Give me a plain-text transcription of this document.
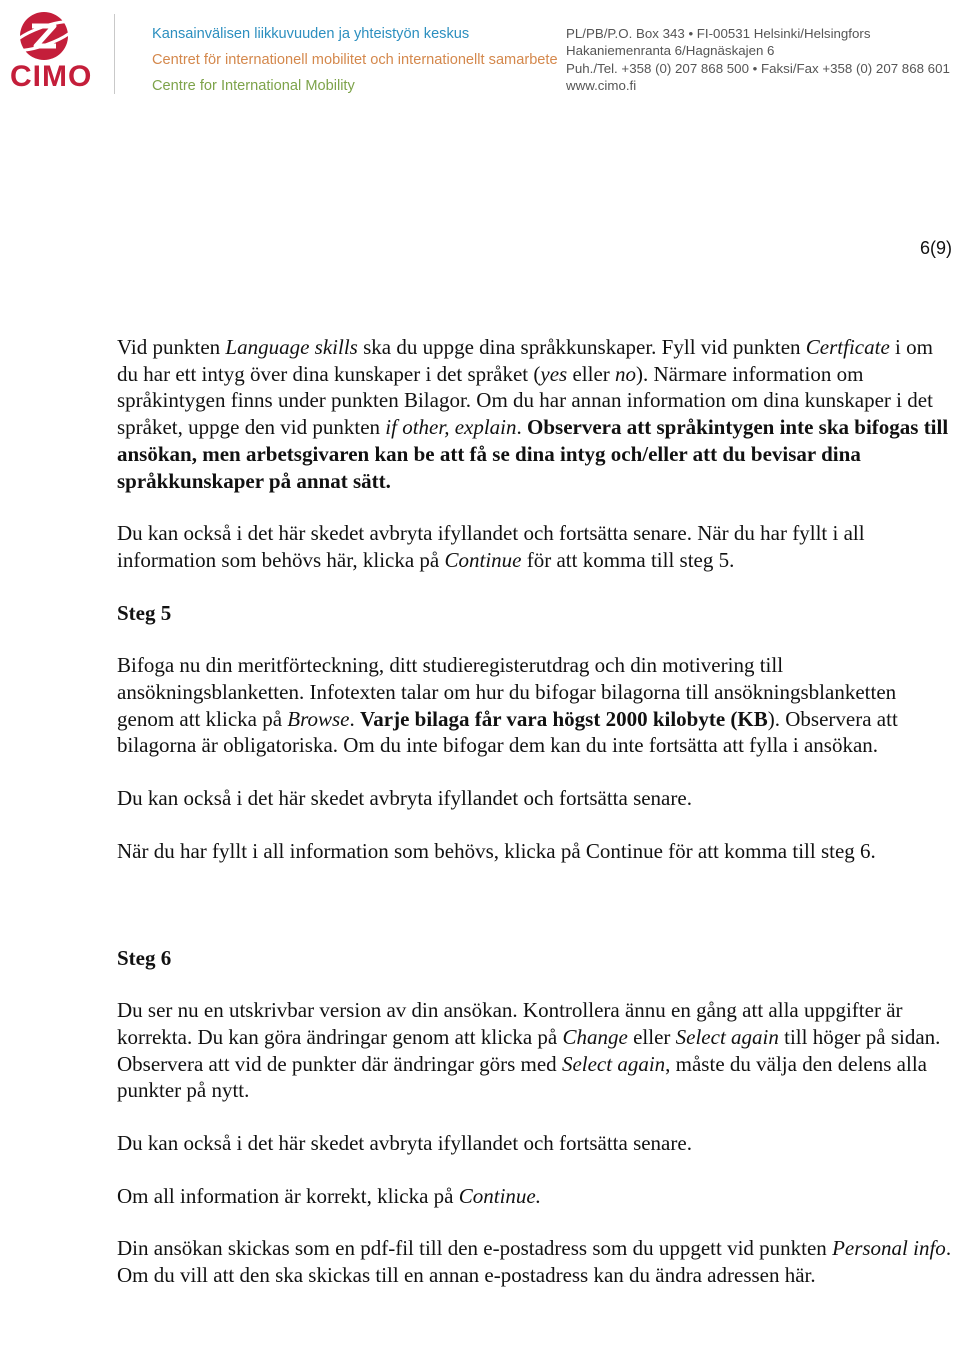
CIMO
Kansainvälisen liikkuvuuden ja yhteistyön keskus
Centret för internationell mobilitet och internationellt samarbete
Centre for International Mobility
PL/PB/P.O. Box 343 • FI-00531 Helsinki/Helsingfors
Hakaniemenranta 6/Hagnäskajen 6
Puh./Tel. +358 (0) 207 868 500 • Faksi/Fax +358 (0) 207 868 601
www.cimo.fi
6(9)

Vid punkten Language skills ska du uppge dina språkkunskaper. Fyll vid punkten Certficate i om du har ett intyg över dina kunskaper i det språket (yes eller no). Närmare information om språkintygen finns under punkten Bilagor. Om du har annan information om dina kunskaper i det språket, uppge den vid punkten if other, explain. Observera att språkintygen inte ska bifogas till ansökan, men arbetsgivaren kan be att få se dina intyg och/eller att du bevisar dina språkkunskaper på annat sätt.

Du kan också i det här skedet avbryta ifyllandet och fortsätta senare. När du har fyllt i all information som behövs här, klicka på Continue för att komma till steg 5.

Steg 5

Bifoga nu din meritförteckning, ditt studieregisterutdrag och din motivering till ansökningsblanketten. Infotexten talar om hur du bifogar bilagorna till ansökningsblanketten genom att klicka på Browse. Varje bilaga får vara högst 2000 kilobyte (KB). Observera att bilagorna är obligatoriska. Om du inte bifogar dem kan du inte fortsätta att fylla i ansökan.

Du kan också i det här skedet avbryta ifyllandet och fortsätta senare.

När du har fyllt i all information som behövs, klicka på Continue för att komma till steg 6.

Steg 6

Du ser nu en utskrivbar version av din ansökan. Kontrollera ännu en gång att alla uppgifter är korrekta. Du kan göra ändringar genom att klicka på Change eller Select again till höger på sidan. Observera att vid de punkter där ändringar görs med Select again, måste du välja den delens alla punkter på nytt.

Du kan också i det här skedet avbryta ifyllandet och fortsätta senare.

Om all information är korrekt, klicka på Continue.

Din ansökan skickas som en pdf-fil till den e-postadress som du uppgett vid punkten Personal info. Om du vill att den ska skickas till en annan e-postadress kan du ändra adressen här.
